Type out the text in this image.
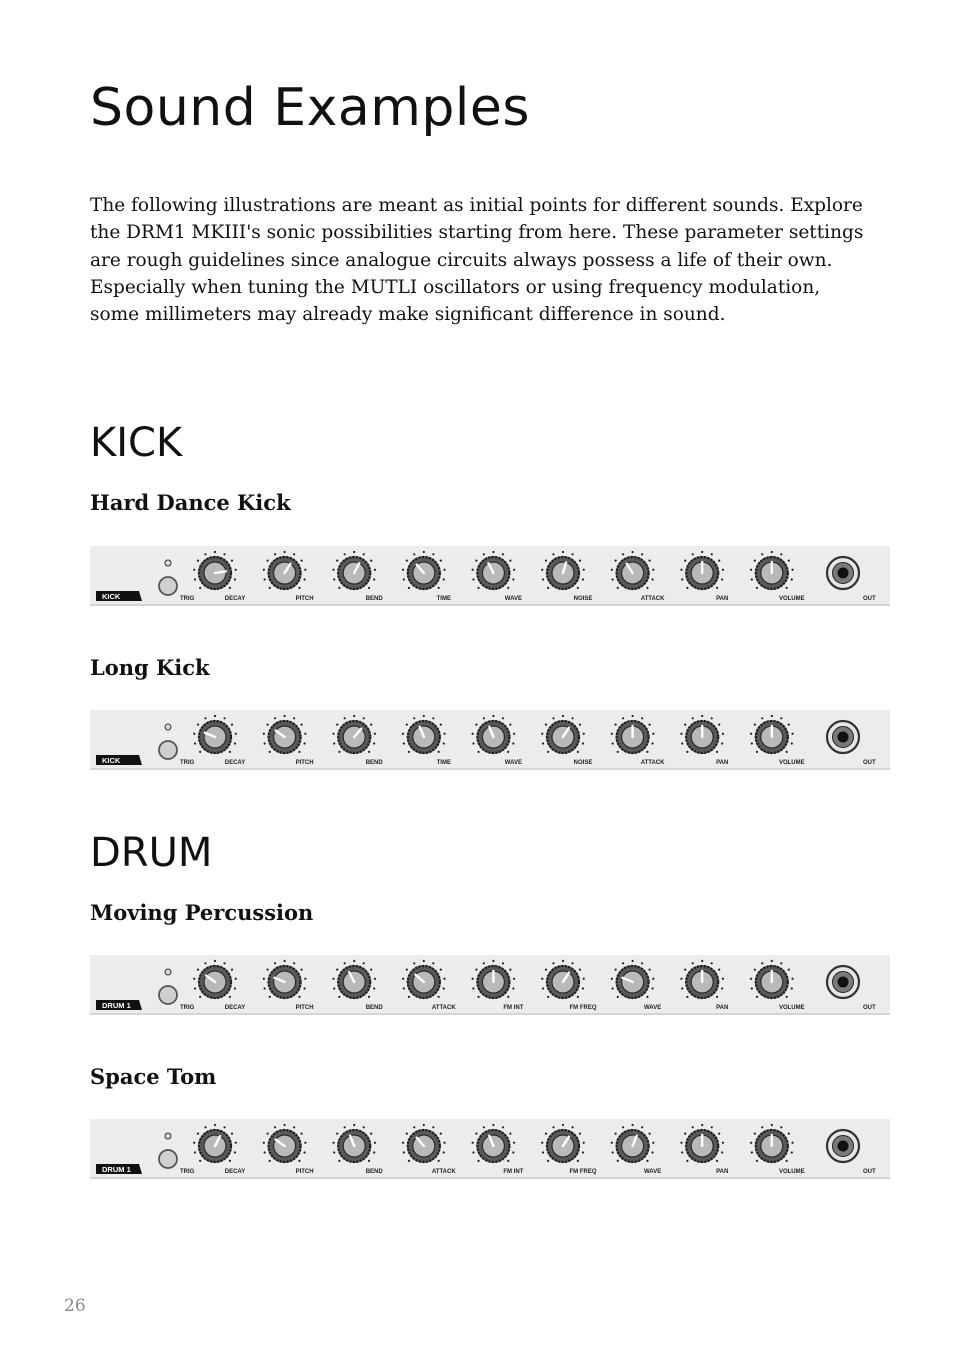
Sound Examples

The following illustrations are meant as initial points for different sounds. Explore the DRM1 MKIII's sonic possibilities starting from here. These parameter settings are rough guidelines since analogue circuits always possess a life of their own. Especially when tuning the MUTLI oscillators or using frequency modulation, some millimeters may already make significant difference in sound.

KICK
Hard Dance Kick
KICK	TRIG	DECAY	PITCH	BEND	TIME	WAVE	NOISE	ATTACK	PAN	VOLUME	OUT
Long Kick
KICK	TRIG	DECAY	PITCH	BEND	TIME	WAVE	NOISE	ATTACK	PAN	VOLUME	OUT
DRUM
Moving Percussion
DRUM 1	TRIG	DECAY	PITCH	BEND	ATTACK	FM INT	FM FREQ	WAVE	PAN	VOLUME	OUT
Space Tom
DRUM 1	TRIG	DECAY	PITCH	BEND	ATTACK	FM INT	FM FREQ	WAVE	PAN	VOLUME	OUT
26
